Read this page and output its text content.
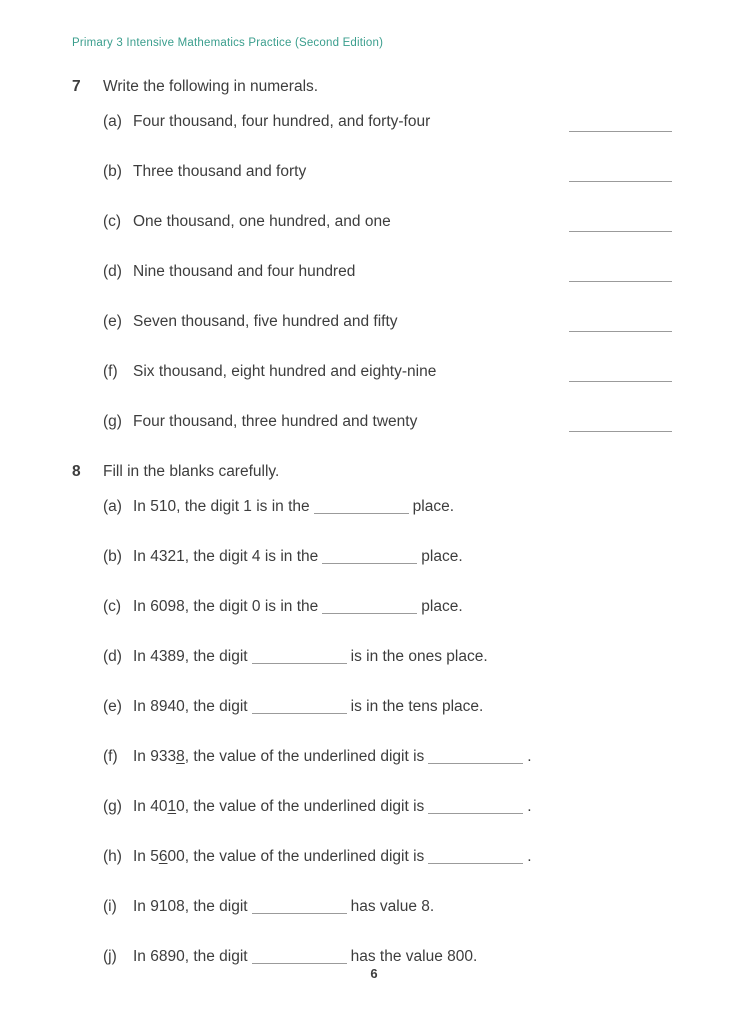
Primary 3 Intensive Mathematics Practice (Second Edition)
7	Write the following in numerals.
(a) Four thousand, four hundred, and forty-four
(b) Three thousand and forty
(c) One thousand, one hundred, and one
(d) Nine thousand and four hundred
(e) Seven thousand, five hundred and fifty
(f) Six thousand, eight hundred and eighty-nine
(g) Four thousand, three hundred and twenty
8	Fill in the blanks carefully.
(a) In 510, the digit 1 is in the	place.
(b) In 4321, the digit 4 is in the	place.
(c) In 6098, the digit 0 is in the	place.
(d) In 4389, the digit	is in the ones place.
(e) In 8940, the digit	is in the tens place.
(f) In 9338, the value of the underlined digit is	.
(g) In 4010, the value of the underlined digit is	.
(h) In 5600, the value of the underlined digit is	.
(i)	In 9108, the digit	has value 8.
(j)	In 6890, the digit	has the value 800.
6
